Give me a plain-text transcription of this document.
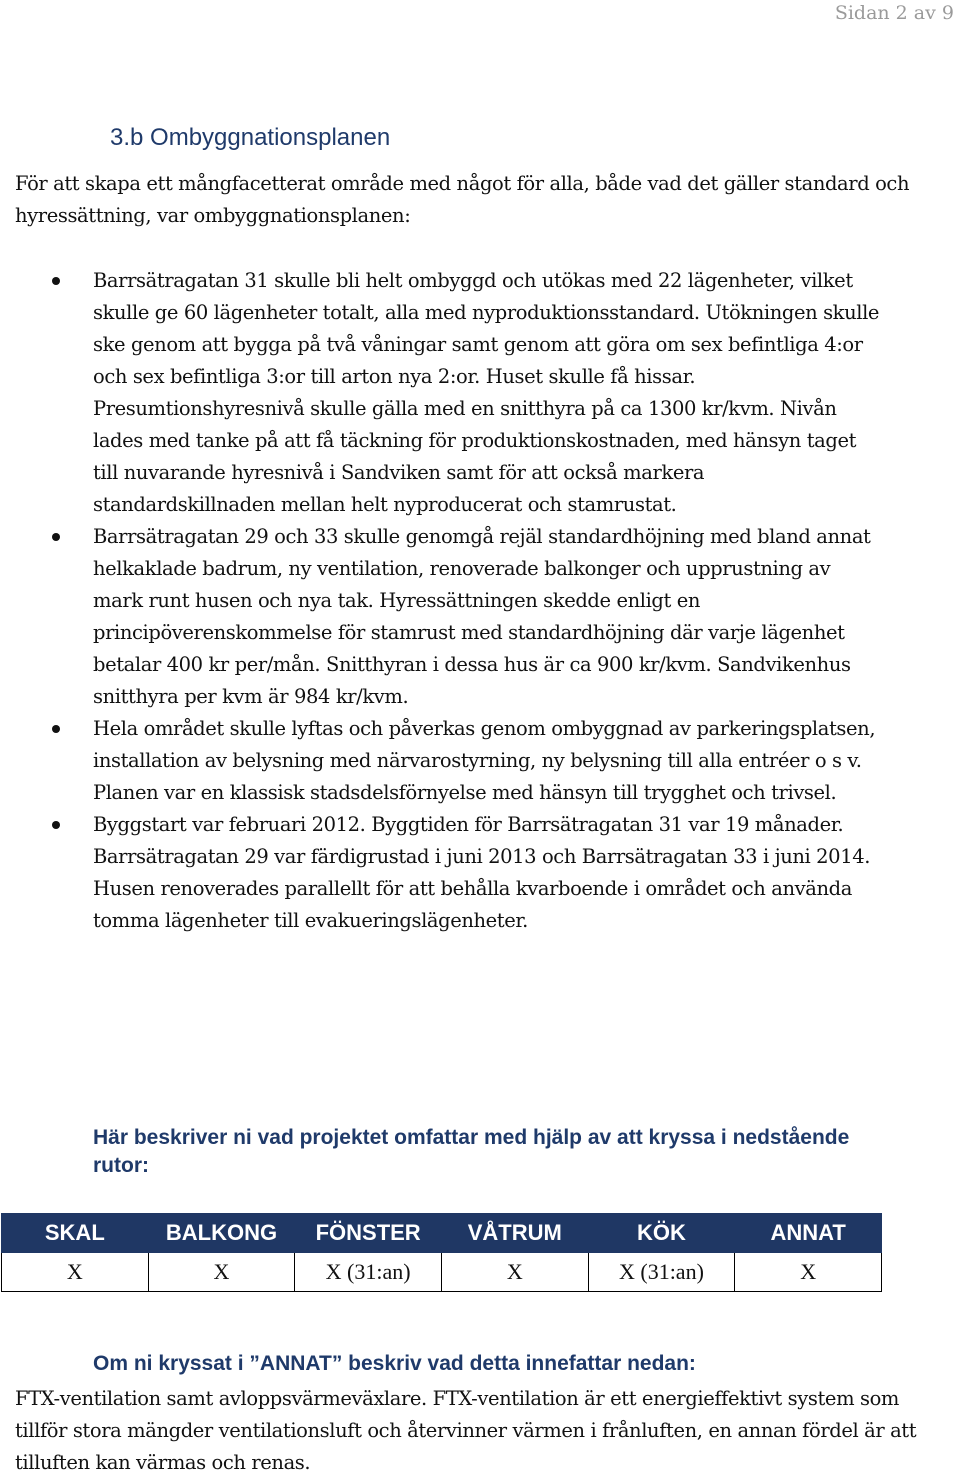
Sidan 2 av 9
3.b Ombyggnationsplanen

För att skapa ett mångfacetterat område med något för alla, både vad det gäller standard och hyressättning, var ombyggnationsplanen:

Barrsätragatan 31 skulle bli helt ombyggd och utökas med 22 lägenheter, vilket skulle ge 60 lägenheter totalt, alla med nyproduktionsstandard. Utökningen skulle ske genom att bygga på två våningar samt genom att göra om sex befintliga 4:or och sex befintliga 3:or till arton nya 2:or. Huset skulle få hissar. Presumtionshyresnivå skulle gälla med en snitthyra på ca 1300 kr/kvm. Nivån lades med tanke på att få täckning för produktionskostnaden, med hänsyn taget till nuvarande hyresnivå i Sandviken samt för att också markera standardskillnaden mellan helt nyproducerat och stamrustat.
Barrsätragatan 29 och 33 skulle genomgå rejäl standardhöjning med bland annat helkaklade badrum, ny ventilation, renoverade balkonger och upprustning av mark runt husen och nya tak. Hyressättningen skedde enligt en principöverenskommelse för stamrust med standardhöjning där varje lägenhet betalar 400 kr per/mån. Snitthyran i dessa hus är ca 900 kr/kvm. Sandvikenhus snitthyra per kvm är 984 kr/kvm.
Hela området skulle lyftas och påverkas genom ombyggnad av parkeringsplatsen, installation av belysning med närvarostyrning, ny belysning till alla entréer o s v. Planen var en klassisk stadsdelsförnyelse med hänsyn till trygghet och trivsel.
Byggstart var februari 2012. Byggtiden för Barrsätragatan 31 var 19 månader. Barrsätragatan 29 var färdigrustad i juni 2013 och Barrsätragatan 33 i juni 2014. Husen renoverades parallellt för att behålla kvarboende i området och använda tomma lägenheter till evakueringslägenheter.

Här beskriver ni vad projektet omfattar med hjälp av att kryssa i nedstående rutor:

SKAL	BALKONG	FÖNSTER	VÅTRUM	KÖK	ANNAT
X	X	X (31:an)	X	X (31:an)	X

Om ni kryssat i ”ANNAT” beskriv vad detta innefattar nedan:

FTX-ventilation samt avloppsvärmeväxlare. FTX-ventilation är ett energieffektivt system som tillför stora mängder ventilationsluft och återvinner värmen i frånluften, en annan fördel är att tilluften kan värmas och renas.
